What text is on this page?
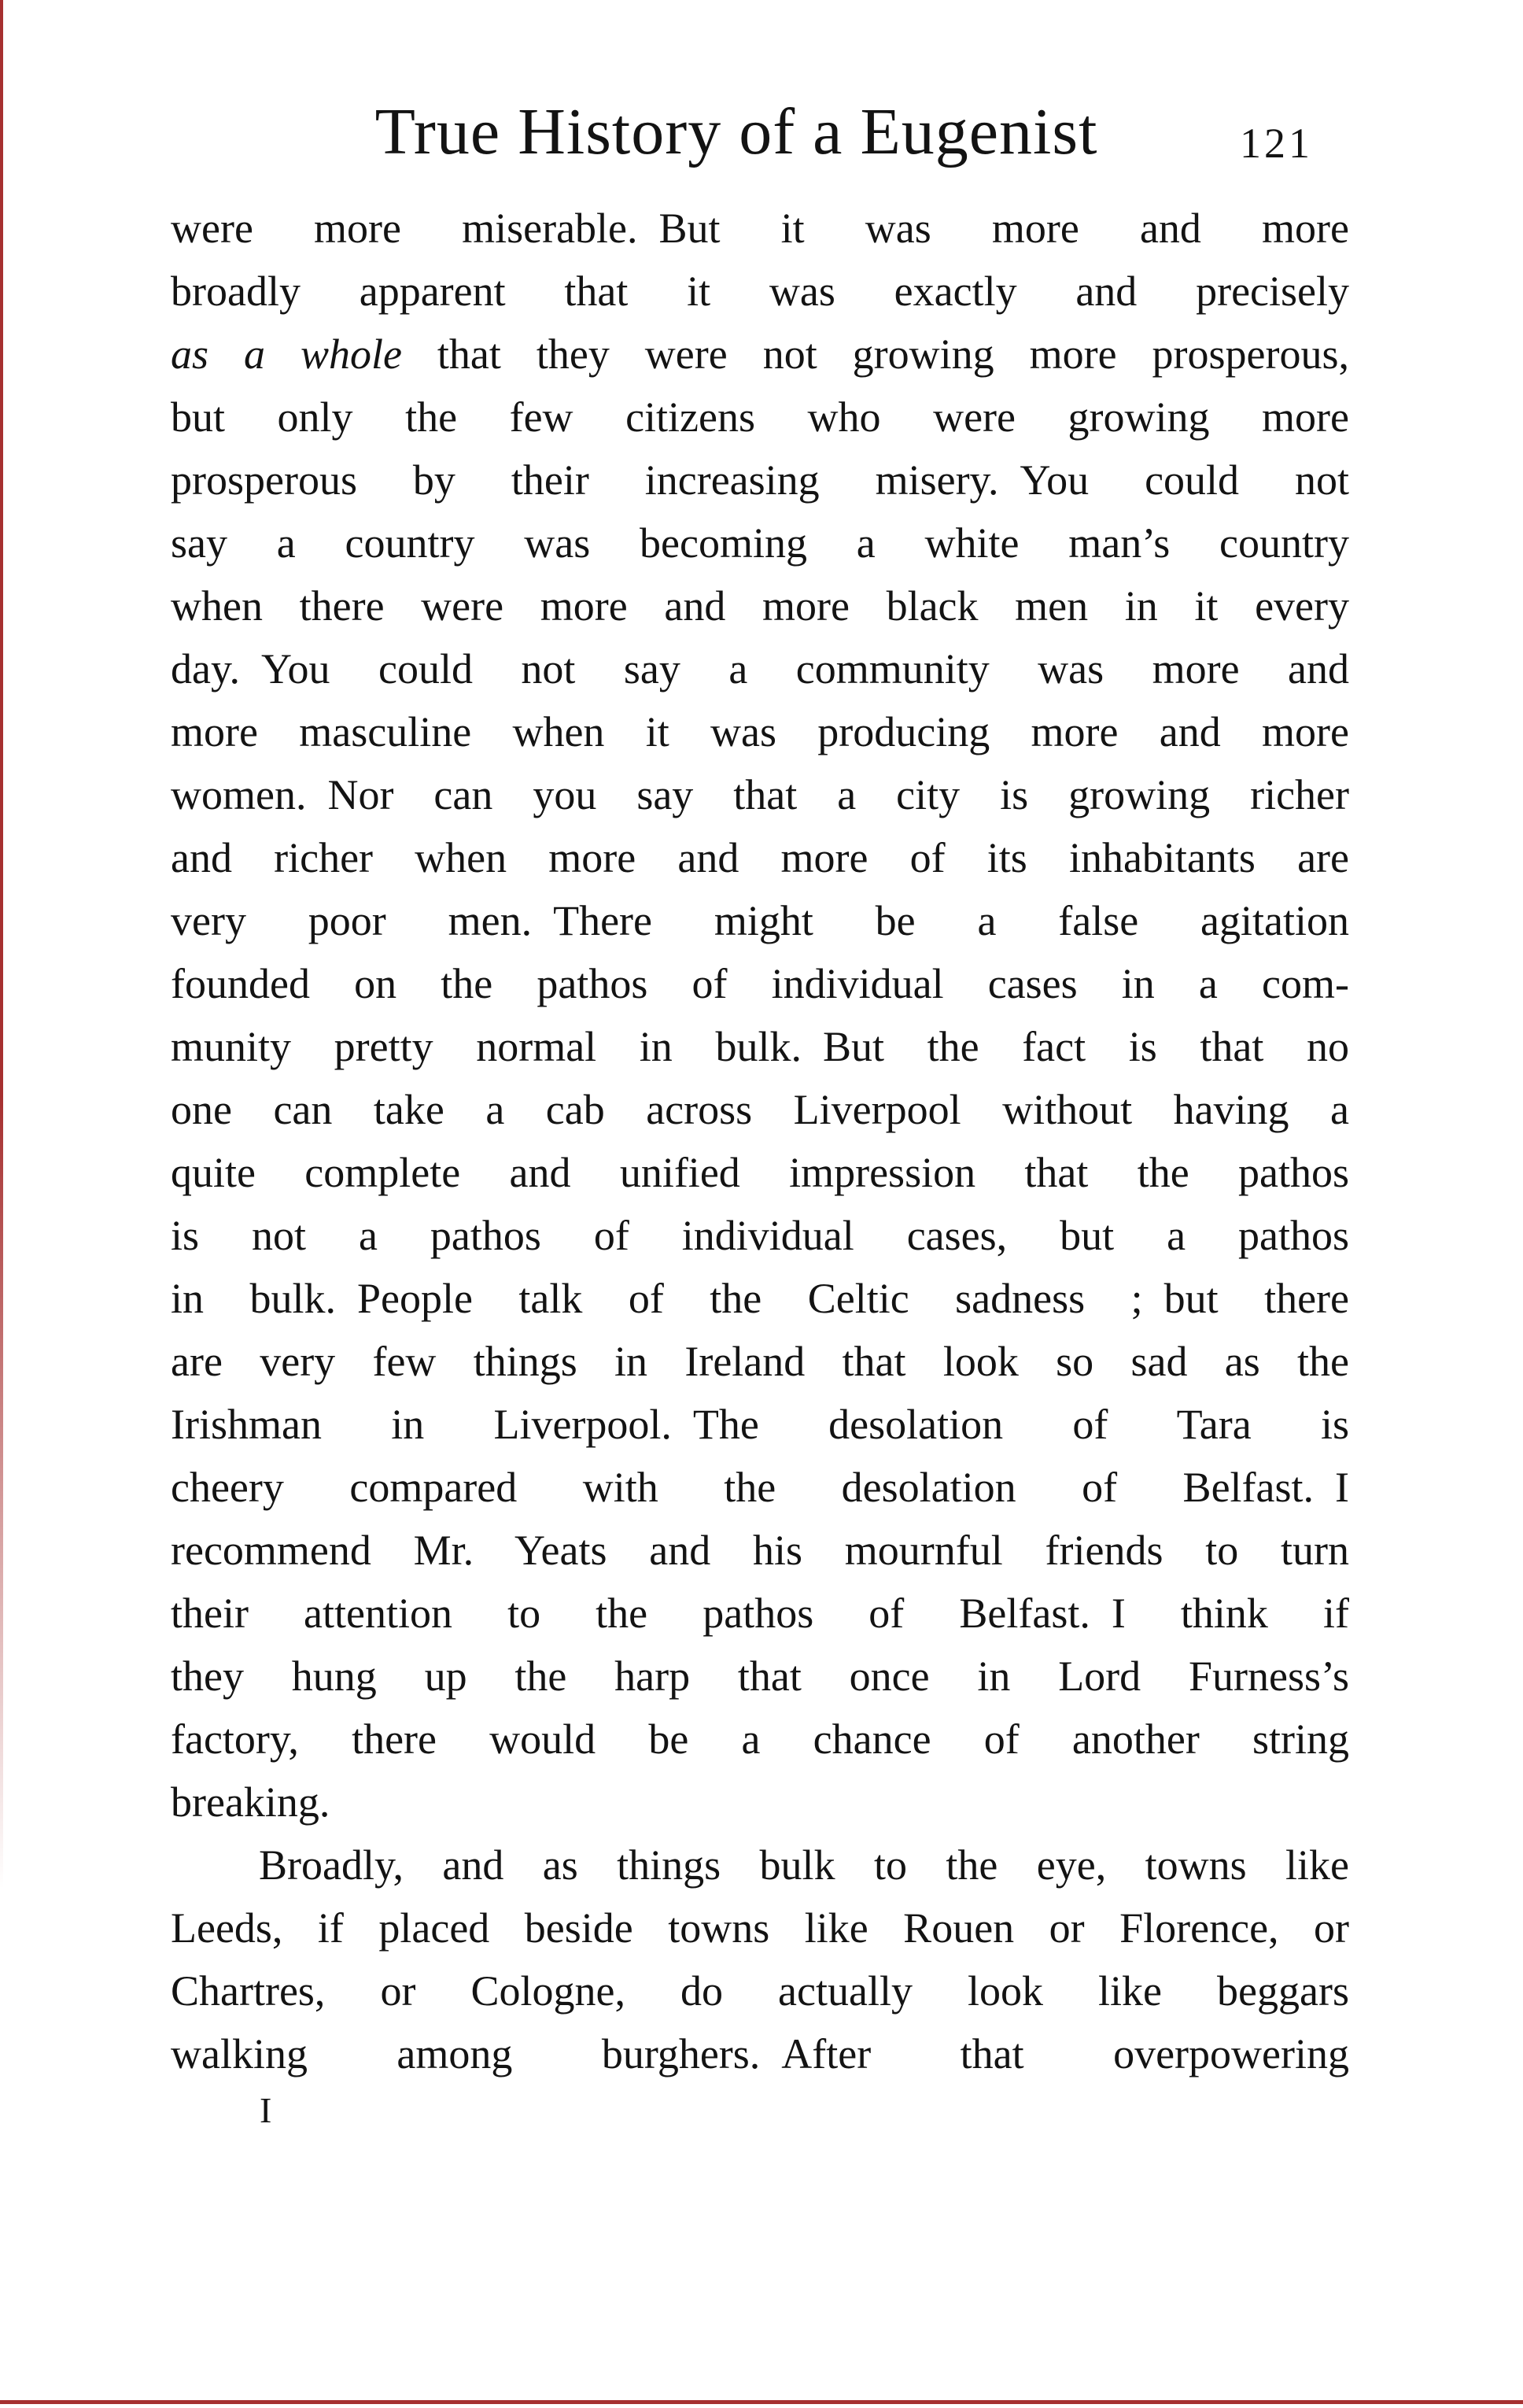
True History of a Eugenist	121
were more miserable. But it was more and more
broadly apparent that it was exactly and precisely
as a whole that they were not growing more prosperous,
but only the few citizens who were growing more
prosperous by their increasing misery. You could not
say a country was becoming a white man’s country
when there were more and more black men in it every
day. You could not say a community was more and
more masculine when it was producing more and more
women. Nor can you say that a city is growing richer
and richer when more and more of its inhabitants are
very poor men. There might be a false agitation
founded on the pathos of individual cases in a com-
munity pretty normal in bulk. But the fact is that no
one can take a cab across Liverpool without having a
quite complete and unified impression that the pathos
is not a pathos of individual cases, but a pathos
in bulk. People talk of the Celtic sadness ; but there
are very few things in Ireland that look so sad as the
Irishman in Liverpool. The desolation of Tara is
cheery compared with the desolation of Belfast. I
recommend Mr. Yeats and his mournful friends to turn
their attention to the pathos of Belfast. I think if
they hung up the harp that once in Lord Furness’s
factory, there would be a chance of another string
breaking.
Broadly, and as things bulk to the eye, towns like
Leeds, if placed beside towns like Rouen or Florence, or
Chartres, or Cologne, do actually look like beggars
walking among burghers. After that overpowering
I
